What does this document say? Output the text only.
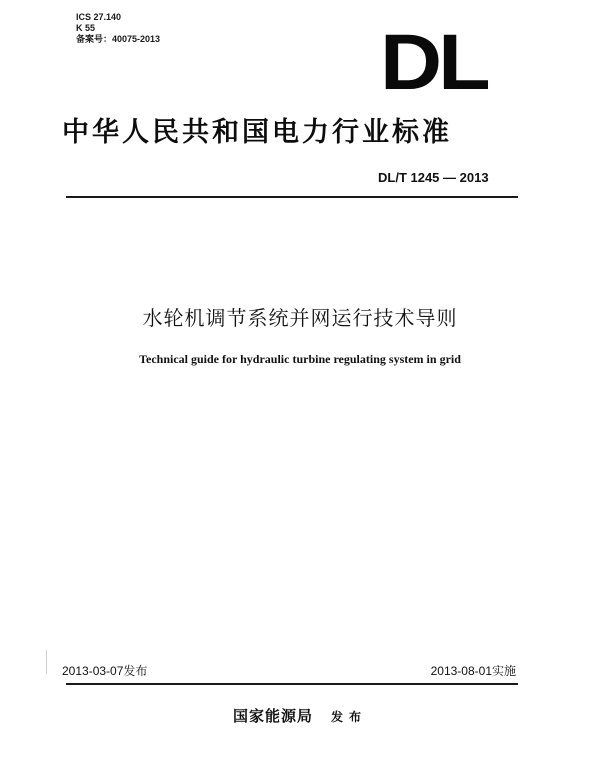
ICS 27.140
K 55
备案号：40075-2013	DL
中华人民共和国电力行业标准
DL/T 1245 — 2013
水轮机调节系统并网运行技术导则
Technical guide for hydraulic turbine regulating system in grid
2013-03-07发布	2013-08-01实施
国家能源局 发布
